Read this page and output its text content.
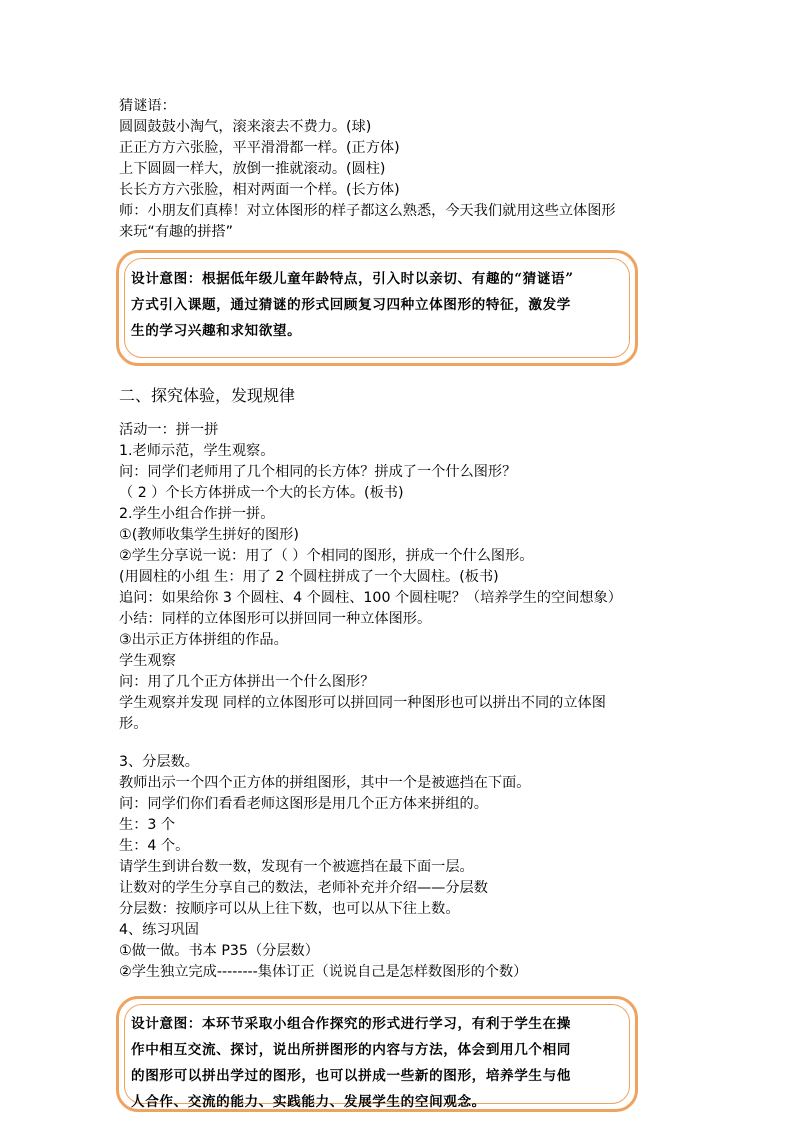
猜谜语：
圆圆鼓鼓小淘气，滚来滚去不费力。(球)
正正方方六张脸，平平滑滑都一样。(正方体)
上下圆圆一样大，放倒一推就滚动。(圆柱)
长长方方六张脸，相对两面一个样。(长方体)
师：小朋友们真棒！对立体图形的样子都这么熟悉，今天我们就用这些立体图形
来玩“有趣的拼搭”
设计意图：根据低年级儿童年龄特点，引入时以亲切、有趣的“猜谜语”
方式引入课题，通过猜谜的形式回顾复习四种立体图形的特征，激发学
生的学习兴趣和求知欲望。
二、探究体验，发现规律
活动一：拼一拼
1.老师示范，学生观察。
问：同学们老师用了几个相同的长方体？拼成了一个什么图形？
（ 2 ）个长方体拼成一个大的长方体。(板书)
2.学生小组合作拼一拼。
①(教师收集学生拼好的图形)
②学生分享说一说：用了（ ）个相同的图形，拼成一个什么图形。
(用圆柱的小组 生：用了 2 个圆柱拼成了一个大圆柱。(板书)
追问：如果给你 3 个圆柱、4 个圆柱、100 个圆柱呢？（培养学生的空间想象）
小结：同样的立体图形可以拼回同一种立体图形。
③出示正方体拼组的作品。
学生观察
问：用了几个正方体拼出一个什么图形？
学生观察并发现 同样的立体图形可以拼回同一种图形也可以拼出不同的立体图
形。
3、分层数。
教师出示一个四个正方体的拼组图形，其中一个是被遮挡在下面。
问：同学们你们看看老师这图形是用几个正方体来拼组的。
生：3 个
生：4 个。
请学生到讲台数一数，发现有一个被遮挡在最下面一层。
让数对的学生分享自己的数法，老师补充并介绍——分层数
分层数：按顺序可以从上往下数，也可以从下往上数。
4、练习巩固
①做一做。书本 P35（分层数）
②学生独立完成--------集体订正（说说自己是怎样数图形的个数）
设计意图：本环节采取小组合作探究的形式进行学习，有利于学生在操
作中相互交流、探讨，说出所拼图形的内容与方法，体会到用几个相同
的图形可以拼出学过的图形，也可以拼成一些新的图形，培养学生与他
人合作、交流的能力、实践能力、发展学生的空间观念。
